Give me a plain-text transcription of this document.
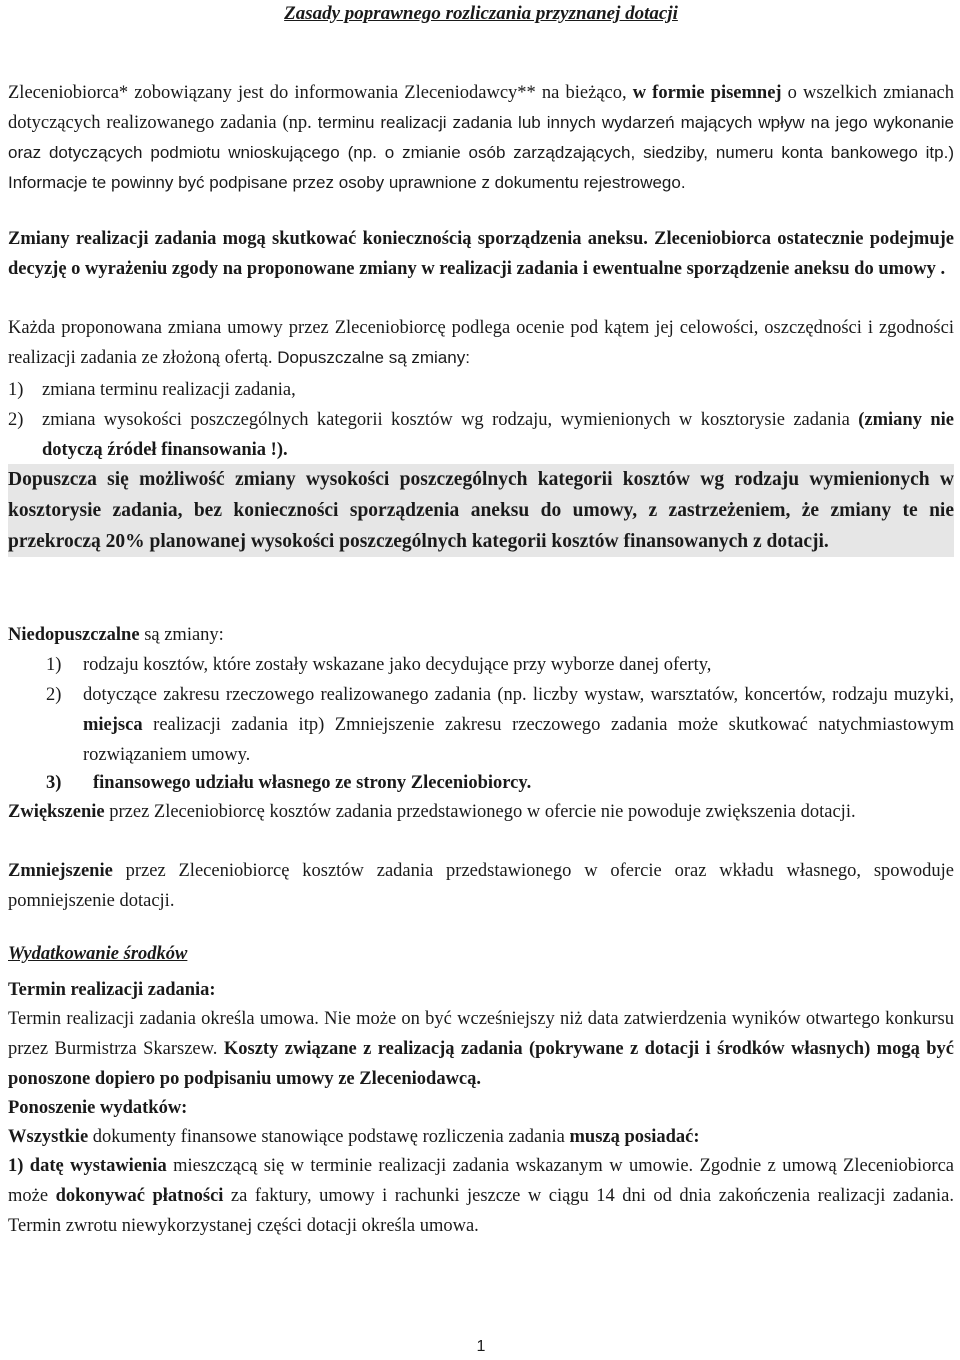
Zasady poprawnego rozliczania przyznanej dotacji

Zleceniobiorca* zobowiązany jest do informowania Zleceniodawcy** na bieżąco, w formie pisemnej o wszelkich zmianach dotyczących realizowanego zadania (np. terminu realizacji zadania lub innych wydarzeń mających wpływ na jego wykonanie oraz dotyczących podmiotu wnioskującego (np. o zmianie osób zarządzających, siedziby, numeru konta bankowego itp.) Informacje te powinny być podpisane przez osoby uprawnione z dokumentu rejestrowego.

Zmiany realizacji zadania mogą skutkować koniecznością sporządzenia aneksu. Zleceniobiorca ostatecznie podejmuje decyzję o wyrażeniu zgody na proponowane zmiany w realizacji zadania i ewentualne sporządzenie aneksu do umowy .

Każda proponowana zmiana umowy przez Zleceniobiorcę podlega ocenie pod kątem jej celowości, oszczędności i zgodności realizacji zadania ze złożoną ofertą. Dopuszczalne są zmiany:

1) zmiana terminu realizacji zadania,
2) zmiana wysokości poszczególnych kategorii kosztów wg rodzaju, wymienionych w kosztorysie zadania (zmiany nie dotyczą źródeł finansowania !).

Dopuszcza się możliwość zmiany wysokości poszczególnych kategorii kosztów wg rodzaju wymienionych w kosztorysie zadania, bez konieczności sporządzenia aneksu do umowy, z zastrzeżeniem, że zmiany te nie przekroczą 20% planowanej wysokości poszczególnych kategorii kosztów finansowanych z dotacji.

Niedopuszczalne są zmiany:

1) rodzaju kosztów, które zostały wskazane jako decydujące przy wyborze danej oferty,
2) dotyczące zakresu rzeczowego realizowanego zadania (np. liczby wystaw, warsztatów, koncertów, rodzaju muzyki, miejsca realizacji zadania itp) Zmniejszenie zakresu rzeczowego zadania może skutkować natychmiastowym rozwiązaniem umowy.
3) finansowego udziału własnego ze strony Zleceniobiorcy.

Zwiększenie przez Zleceniobiorcę kosztów zadania przedstawionego w ofercie nie powoduje zwiększenia dotacji.

Zmniejszenie przez Zleceniobiorcę kosztów zadania przedstawionego w ofercie oraz wkładu własnego, spowoduje pomniejszenie dotacji.

Wydatkowanie środków

Termin realizacji zadania:

Termin realizacji zadania określa umowa. Nie może on być wcześniejszy niż data zatwierdzenia wyników otwartego konkursu przez Burmistrza Skarszew. Koszty związane z realizacją zadania (pokrywane z dotacji i środków własnych) mogą być ponoszone dopiero po podpisaniu umowy ze Zleceniodawcą.

Ponoszenie wydatków:

Wszystkie dokumenty finansowe stanowiące podstawę rozliczenia zadania muszą posiadać:

1) datę wystawienia mieszczącą się w terminie realizacji zadania wskazanym w umowie. Zgodnie z umową Zleceniobiorca może dokonywać płatności za faktury, umowy i rachunki jeszcze w ciągu 14 dni od dnia zakończenia realizacji zadania. Termin zwrotu niewykorzystanej części dotacji określa umowa.

1
